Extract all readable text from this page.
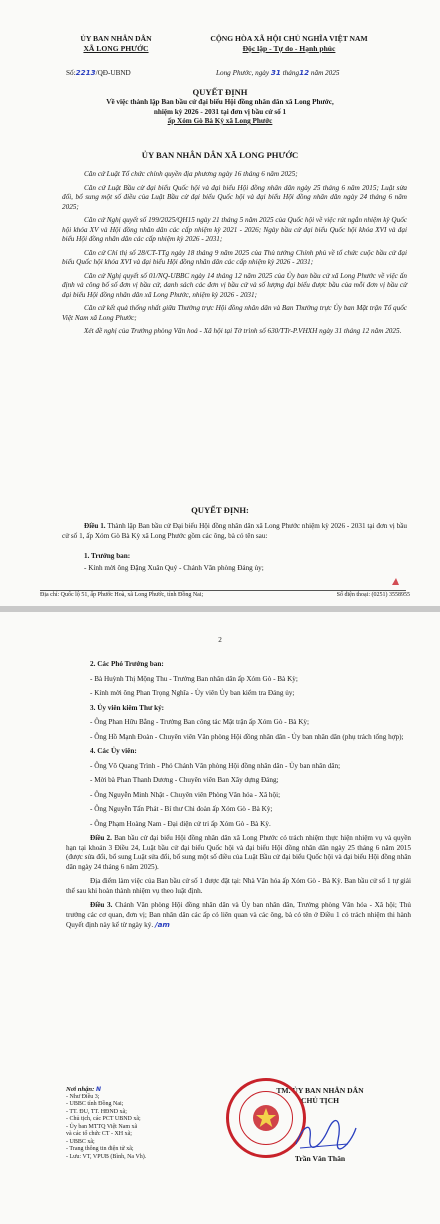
ỦY BAN NHÂN DÂN
XÃ LONG PHƯỚC
CỘNG HÒA XÃ HỘI CHỦ NGHĨA VIỆT NAM
Độc lập - Tự do - Hạnh phúc
Số:2213/QĐ-UBND	Long Phước, ngày 31 tháng12 năm 2025
QUYẾT ĐỊNH
Về việc thành lập Ban bầu cử đại biểu Hội đồng nhân dân xã Long Phước,
nhiệm kỳ 2026 - 2031 tại đơn vị bầu cử số 1
ấp Xóm Gò Bà Kỳ xã Long Phước
ỦY BAN NHÂN DÂN XÃ LONG PHƯỚC

Căn cứ Luật Tổ chức chính quyền địa phương ngày 16 tháng 6 năm 2025;

Căn cứ Luật Bầu cử đại biểu Quốc hội và đại biểu Hội đồng nhân dân ngày 25 tháng 6 năm 2015; Luật sửa đổi, bổ sung một số điều của Luật Bầu cử đại biểu Quốc hội và đại biểu Hội đồng nhân dân ngày 24 tháng 6 năm 2025;

Căn cứ Nghị quyết số 199/2025/QH15 ngày 21 tháng 5 năm 2025 của Quốc hội về việc rút ngắn nhiệm kỳ Quốc hội khóa XV và Hội đồng nhân dân các cấp nhiệm kỳ 2021 - 2026; Ngày bầu cử đại biểu Quốc hội khóa XVI và đại biểu Hội đồng nhân dân các cấp nhiệm kỳ 2026 - 2031;

Căn cứ Chỉ thị số 28/CT-TTg ngày 18 tháng 9 năm 2025 của Thủ tướng Chính phủ về tổ chức cuộc bầu cử đại biểu Quốc hội khóa XVI và đại biểu Hội đồng nhân dân các cấp nhiệm kỳ 2026 - 2031;

Căn cứ Nghị quyết số 01/NQ-UBBC ngày 14 tháng 12 năm 2025 của Ủy ban bầu cử xã Long Phước về việc ấn định và công bố số đơn vị bầu cử, danh sách các đơn vị bầu cử và số lượng đại biểu được bầu của mỗi đơn vị bầu cử đại biểu Hội đồng nhân dân xã Long Phước, nhiệm kỳ 2026 - 2031;

Căn cứ kết quả thống nhất giữa Thường trực Hội đồng nhân dân và Ban Thường trực Ủy ban Mặt trận Tổ quốc Việt Nam xã Long Phước;

Xét đề nghị của Trưởng phòng Văn hoá - Xã hội tại Tờ trình số 630/TTr-P.VHXH ngày 31 tháng 12 năm 2025.

QUYẾT ĐỊNH:
Điều 1. Thành lập Ban bầu cử Đại biểu Hội đồng nhân dân xã Long Phước nhiệm kỳ 2026 - 2031 tại đơn vị bầu cử số 1, ấp Xóm Gò Bà Kỳ xã Long Phước gồm các ông, bà có tên sau:
1. Trưởng ban:
- Kính mời ông Đặng Xuân Quý - Chánh Văn phòng Đảng ủy;
Địa chỉ: Quốc lộ 51, ấp Phước Hoà, xã Long Phước, tỉnh Đồng Nai;	Số điện thoại: (0251) 3558955
2
2. Các Phó Trưởng ban:
- Bà Huỳnh Thị Mộng Thu - Trưởng Ban nhân dân ấp Xóm Gò - Bà Kỳ;
- Kính mời ông Phan Trọng Nghĩa - Ủy viên Ủy ban kiểm tra Đảng ủy;
3. Ủy viên kiêm Thư ký:
- Ông Phan Hữu Bằng - Trưởng Ban công tác Mặt trận ấp Xóm Gò - Bà Kỳ;
- Ông Hồ Mạnh Đoàn - Chuyên viên Văn phòng Hội đồng nhân dân - Ủy ban nhân dân (phụ trách tổng hợp);
4. Các Ủy viên:
- Ông Võ Quang Trình - Phó Chánh Văn phòng Hội đồng nhân dân - Ủy ban nhân dân;
- Mời bà Phan Thanh Dương - Chuyên viên Ban Xây dựng Đảng;
- Ông Nguyễn Minh Nhật - Chuyên viên Phòng Văn hóa - Xã hội;
- Ông Nguyễn Tấn Phát - Bí thư Chi đoàn ấp Xóm Gò - Bà Kỳ;
- Ông Phạm Hoàng Nam - Đại diện cử tri ấp Xóm Gò - Bà Kỳ.
Điều 2. Ban bầu cử đại biểu Hội đồng nhân dân xã Long Phước có trách nhiệm thực hiện nhiệm vụ và quyền hạn tại khoản 3 Điều 24, Luật bầu cử đại biểu Quốc hội và đại biểu Hội đồng nhân dân ngày 25 tháng 6 năm 2015 (được sửa đổi, bổ sung Luật sửa đổi, bổ sung một số điều của Luật Bầu cử đại biểu Quốc hội và đại biểu Hội đồng nhân dân ngày 24 tháng 6 năm 2025).
Địa điểm làm việc của Ban bầu cử số 1 được đặt tại: Nhà Văn hóa ấp Xóm Gò - Bà Kỳ. Ban bầu cử số 1 tự giải thể sau khi hoàn thành nhiệm vụ theo luật định.
Điều 3. Chánh Văn phòng Hội đồng nhân dân và Ủy ban nhân dân, Trưởng phòng Văn hóa - Xã hội; Thủ trưởng các cơ quan, đơn vị; Ban nhân dân các ấp có liên quan và các ông, bà có tên ở Điều 1 có trách nhiệm thi hành Quyết định này kể từ ngày ký. /am
Nơi nhận: N
- Như Điều 3;
- UBBC tỉnh Đồng Nai;
- TT. ĐU, TT. HĐND xã;
- Chủ tịch, các PCT UBND xã;
- Ủy ban MTTQ Việt Nam xã
và các tổ chức CT - XH xã;
- UBBC xã;
- Trang thông tin điện tử xã;
- Lưu: VT, VPUB (Bình, Na Vh).
TM. ỦY BAN NHÂN DÂN
CHỦ TỊCH
Trần Văn Thân
